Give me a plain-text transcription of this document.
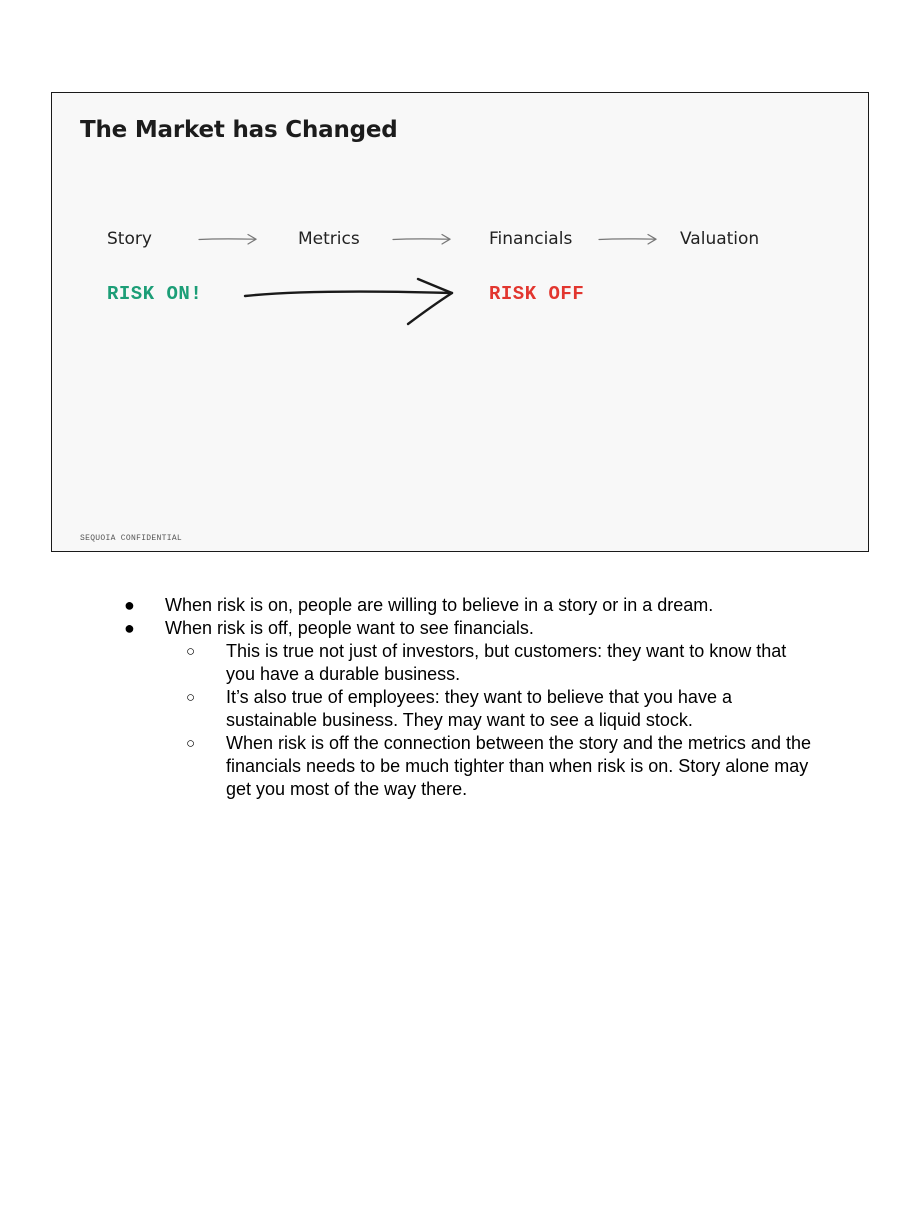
The Market has Changed
Story	Metrics	Financials	Valuation
RISK ON!	RISK OFF
SEQUOIA CONFIDENTIAL
● When risk is on, people are willing to believe in a story or in a dream.
● When risk is off, people want to see financials.
○ This is true not just of investors, but customers: they want to know that you have a durable business.
○ It’s also true of employees: they want to believe that you have a sustainable business. They may want to see a liquid stock.
○ When risk is off the connection between the story and the metrics and the financials needs to be much tighter than when risk is on. Story alone may get you most of the way there.
